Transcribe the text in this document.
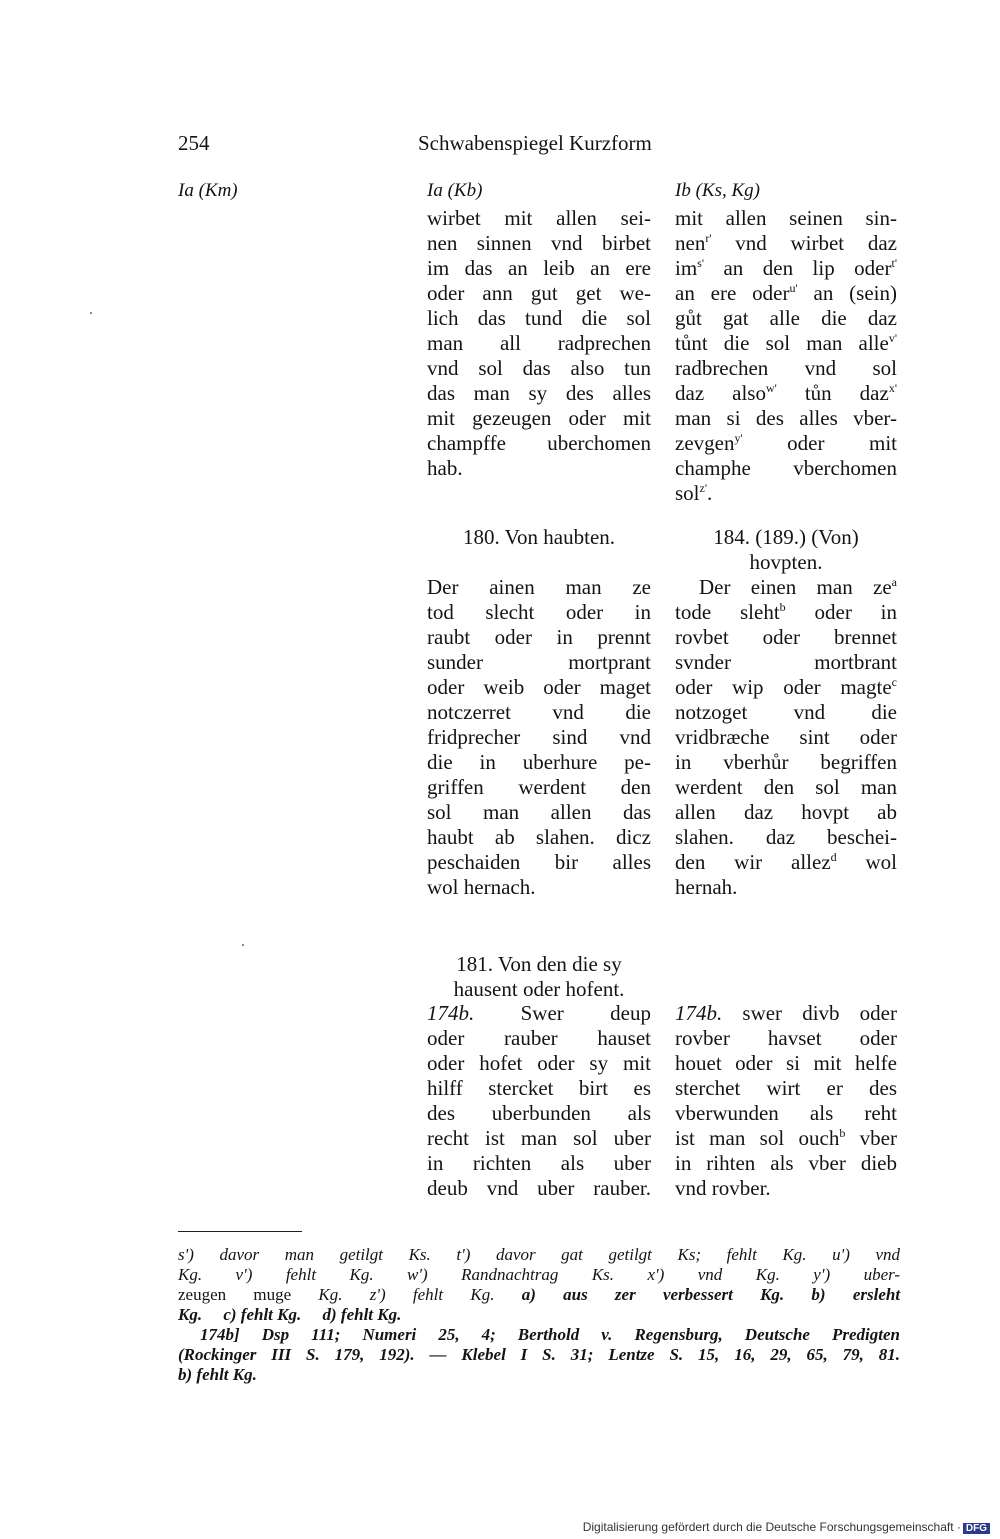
254	Schwabenspiegel Kurzform
Ia (Km)	Ia (Kb)	Ib (Ks, Kg)
wirbet mit allen sei-
nen sinnen vnd birbet
im das an leib an ere
oder ann gut get we-
lich das tund die sol
man all radprechen
vnd sol das also tun
das man sy des alles
mit gezeugen oder mit
champffe uberchomen
hab.
180. Von haubten.
Der ainen man ze
tod slecht oder in
raubt oder in prennt
sunder mortprant
oder weib oder maget
notczerret vnd die
fridprecher sind vnd
die in uberhure pe-
griffen werdent den
sol man allen das
haubt ab slahen. dicz
peschaiden bir alles
wol hernach.
181. Von den die sy
hausent oder hofent.
174b. Swer deup
oder rauber hauset
oder hofet oder sy mit
hilff stercket birt es
des uberbunden als
recht ist man sol uber
in richten als uber
deub vnd uber rauber.
mit allen seinen sin-
nen$^{r'}$ vnd wirbet daz
$im^{s'}$ an den lip oder$^{t'}$
an ere oder$^{u'}$ an (sein)
gůt gat alle die daz
tůnt die sol man alle$^{v'}$
radbrechen vnd sol
daz also$^{w'}$ tůn daz$^{x'}$
man si des alles vber-
zevgen$^{y'}$ oder mit
champhe vberchomen
sol$^{z'}$.
184. (189.) (Von)
hovpten.
Der einen man $ze^a$
tode sleht$^b$ oder in
rovbet oder brennet
svnder mortbrant
oder wip oder magte$^c$
notzoget vnd die
vridbræche sint oder
in vberhůr begriffen
werdent den sol man
allen daz hovpt ab
slahen. daz beschei-
den wir allez$^d$ wol
hernah.
174b. swer divb oder
rovber havset oder
houet oder si mit helfe
sterchet wirt er des
vberwunden als reht
ist man sol ouch$^b$ vber
in rihten als vber dieb
vnd rovber.
s') davor man getilgt Ks. t') davor gat getilgt Ks; fehlt Kg. u') vnd
Kg. v') fehlt Kg. w') Randnachtrag Ks. x') vnd Kg. y') uber-
zeugen muge Kg. z') fehlt Kg. a) aus zer verbessert Kg. b) ersleht
Kg. c) fehlt Kg. d) fehlt Kg.
174b] Dsp 111; Numeri 25, 4; Berthold v. Regensburg, Deutsche Predigten
(Rockinger III S. 179, 192). — Klebel I S. 31; Lentze S. 15, 16, 29, 65, 79, 81.
b) fehlt Kg.
Digitalisierung gefördert durch die Deutsche Forschungsgemeinschaft · DFG
